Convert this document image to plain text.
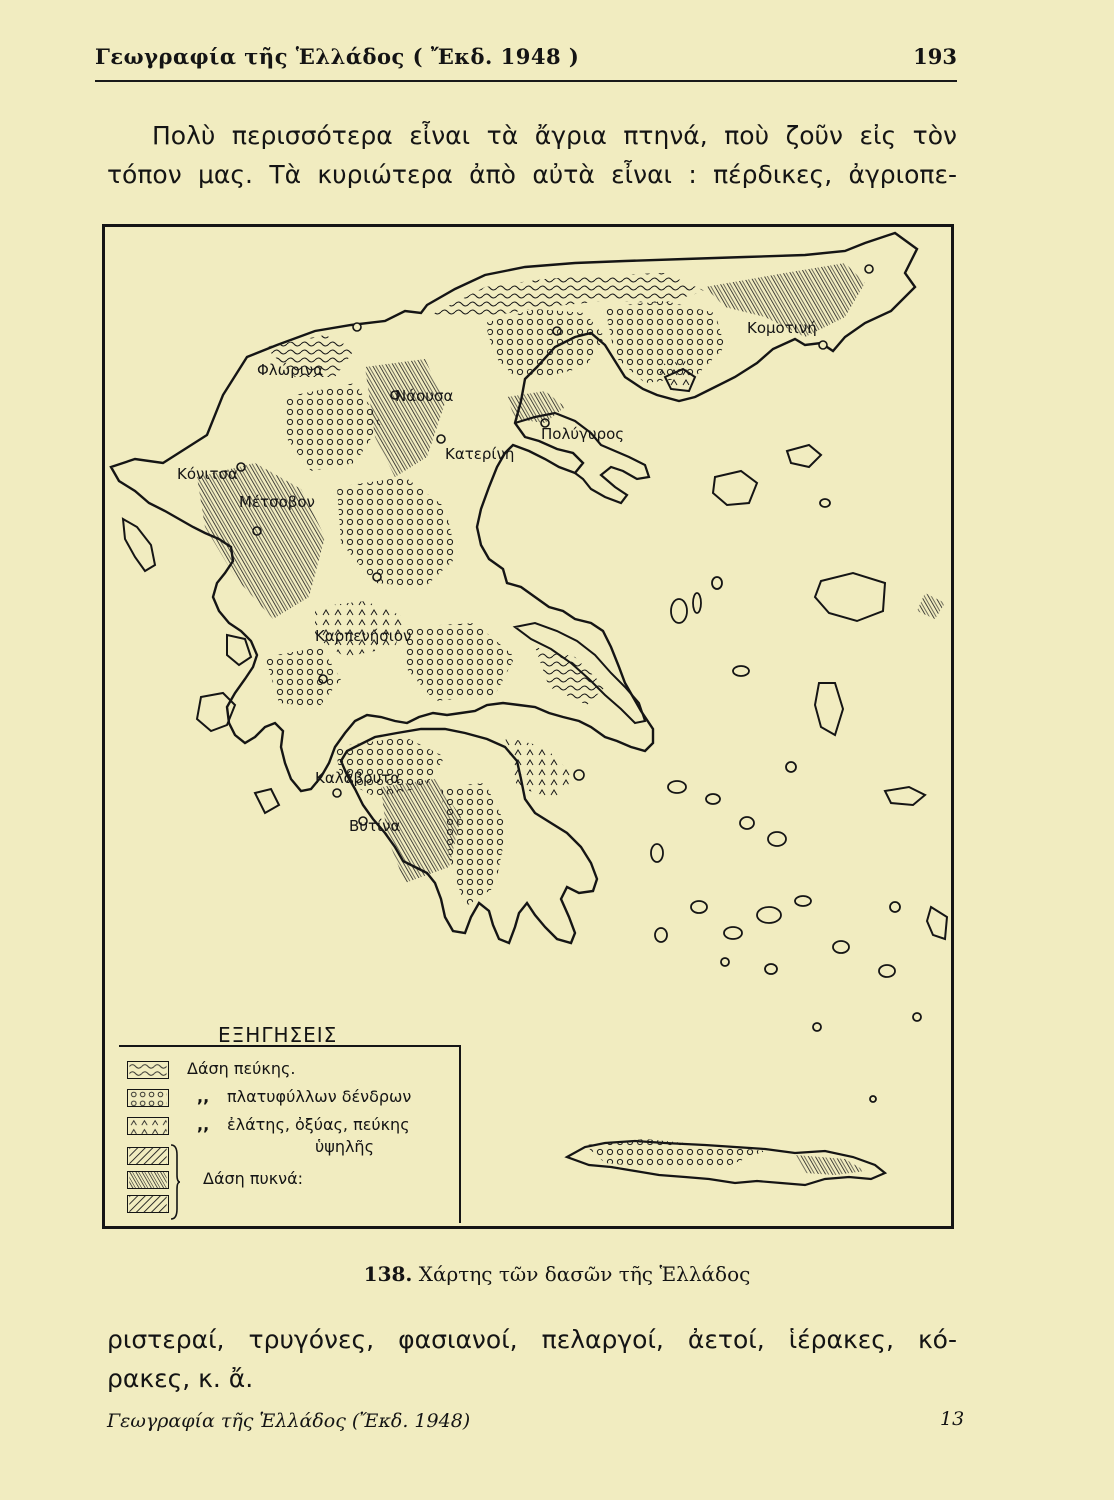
Γεωγραφία τῆς Ἑλλάδος ( Ἔκδ. 1948 )	193
Πολὺ περισσότερα εἶναι τὰ ἄγρια πτηνά, ποὺ ζοῦν εἰς τὸν
τόπον μας. Τὰ κυριώτερα ἀπὸ αὐτὰ εἶναι : πέρδικες, ἀγριοπε-
Κομοτινή
Φλώρινα
Νάουσα
Πολύγυρος
Κατερίνη
Κόνιτσα
Μέτσοβον
Καρπενήσιον
Καλάβρυτα
Βυτίνα
ΕΞΗΓΗΣΕΙΣ
Δάση πεύκης.
,, πλατυφύλλων δένδρων
,, ἐλάτης, ὀξύας, πεύκης
ὑψηλῆς
Δάση πυκνά:
138. Χάρτης τῶν δασῶν τῆς Ἑλλάδος
ριστεραί, τρυγόνες, φασιανοί, πελαργοί, ἀετοί, ἱέρακες, κό-
ρακες, κ. ἄ.
Γεωγραφία τῆς Ἑλλάδος (Ἔκδ. 1948)	13
